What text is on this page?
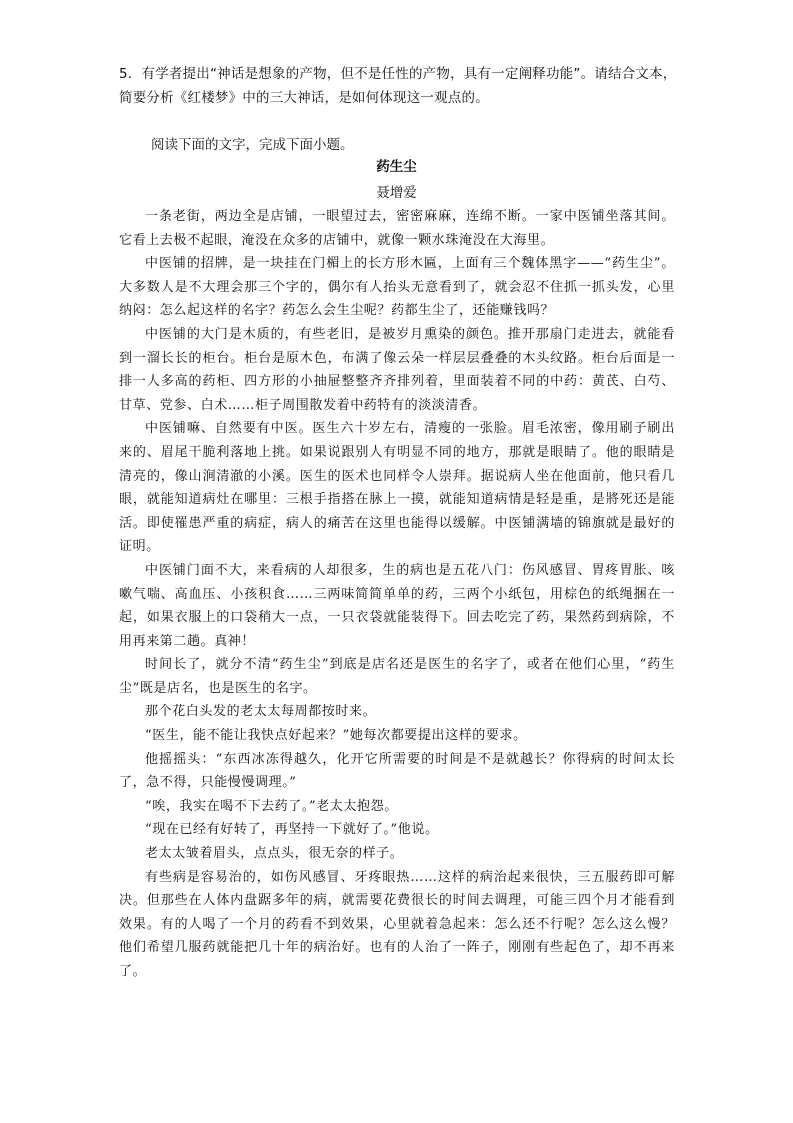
5．有学者提出“神话是想象的产物，但不是任性的产物，具有一定阐释功能”。请结合文本，简要分析《红楼梦》中的三大神话，是如何体现这一观点的。
阅读下面的文字，完成下面小题。
药生尘
聂增爱

一条老街，两边全是店铺，一眼望过去，密密麻麻，连绵不断。一家中医铺坐落其间。它看上去极不起眼，淹没在众多的店铺中，就像一颗水珠淹没在大海里。

中医铺的招牌，是一块挂在门楣上的长方形木匾，上面有三个魏体黑字——“药生尘”。大多数人是不大理会那三个字的，偶尔有人抬头无意看到了，就会忍不住抓一抓头发，心里纳闷：怎么起这样的名字？药怎么会生尘呢？药都生尘了，还能赚钱吗？

中医铺的大门是木质的，有些老旧，是被岁月熏染的颜色。推开那扇门走进去，就能看到一溜长长的柜台。柜台是原木色，布满了像云朵一样层层叠叠的木头纹路。柜台后面是一排一人多高的药柜、四方形的小抽屉整整齐齐排列着，里面装着不同的中药：黄芪、白芍、甘草、党参、白术……柜子周围散发着中药特有的淡淡清香。

中医铺嘛、自然要有中医。医生六十岁左右，清瘦的一张脸。眉毛浓密，像用刷子刷出来的、眉尾干脆利落地上挑。如果说跟别人有明显不同的地方，那就是眼睛了。他的眼睛是清亮的，像山涧清澈的小溪。医生的医术也同样令人崇拜。据说病人坐在他面前，他只看几眼，就能知道病灶在哪里：三根手指搭在脉上一摸，就能知道病情是轻是重，是將死还是能活。即使罹患严重的病症，病人的痛苦在这里也能得以缓解。中医铺满墙的锦旗就是最好的证明。

中医铺门面不大，来看病的人却很多，生的病也是五花八门：伤风感冒、胃疼胃胀、咳嗽气喘、高血压、小孩积食……三两味简简单单的药，三两个小纸包，用棕色的纸绳捆在一起，如果衣服上的口袋稍大一点，一只衣袋就能装得下。回去吃完了药，果然药到病除，不用再来第二趟。真神！

时间长了，就分不清“药生尘”到底是店名还是医生的名字了，或者在他们心里，“药生尘”既是店名，也是医生的名字。

那个花白头发的老太太每周都按时来。

“医生，能不能让我快点好起来？”她每次都要提出这样的要求。

他摇摇头：“东西冰冻得越久，化开它所需要的时间是不是就越长？你得病的时间太长了，急不得，只能慢慢调理。”

“唉，我实在喝不下去药了。”老太太抱怨。

“现在已经有好转了，再坚持一下就好了。”他说。

老太太皱着眉头，点点头，很无奈的样子。

有些病是容易治的，如伤风感冒、牙疼眼热……这样的病治起来很快，三五服药即可解决。但那些在人体内盘踞多年的病，就需要花费很长的时间去调理，可能三四个月才能看到效果。有的人喝了一个月的药看不到效果，心里就着急起来：怎么还不行呢？怎么这么慢？他们希望几服药就能把几十年的病治好。也有的人治了一阵子，刚刚有些起色了，却不再来了。
